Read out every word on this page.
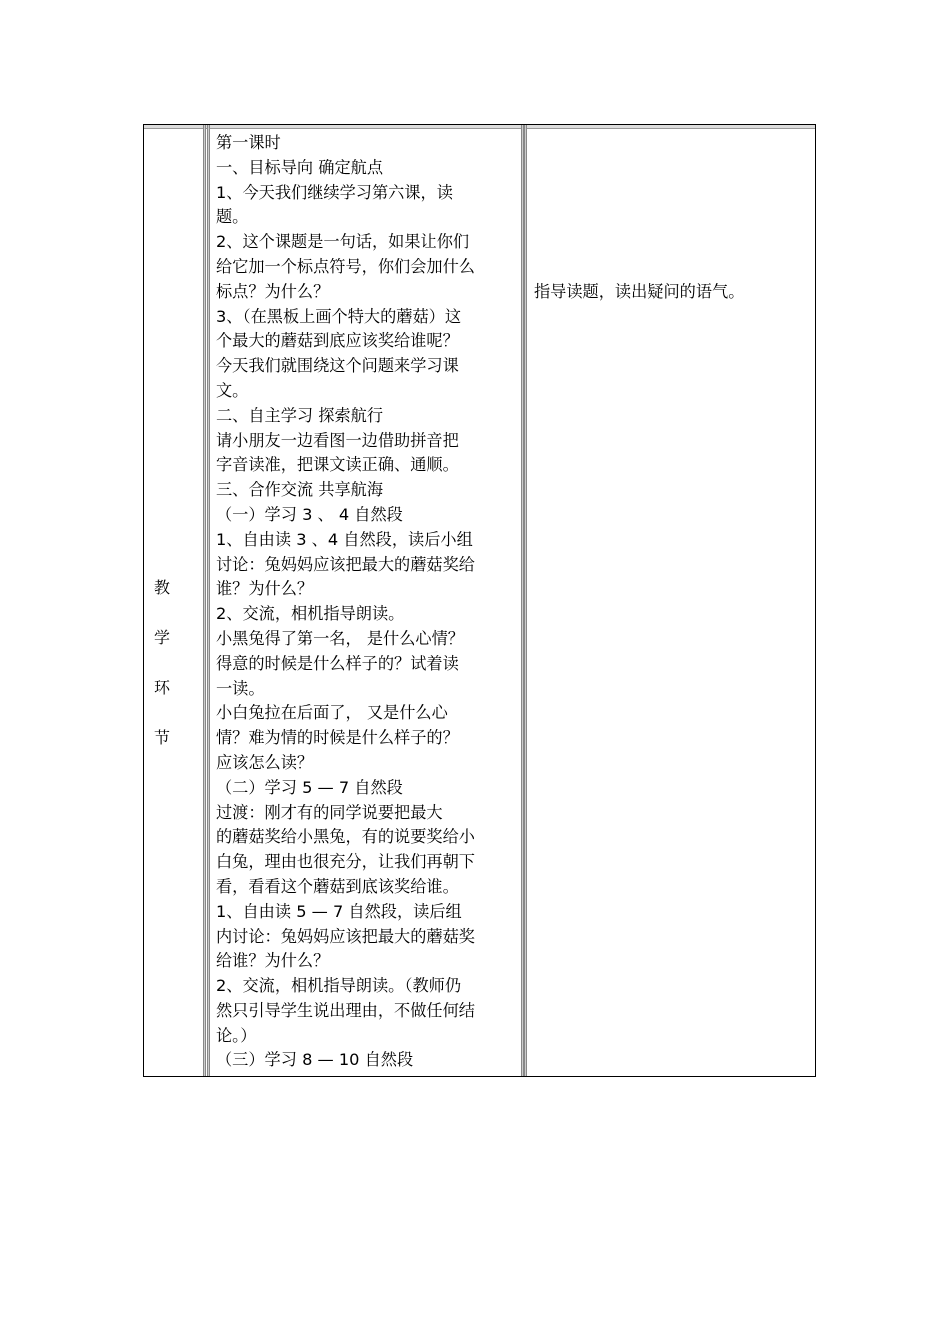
教
学
环
节

第一课时

一、目标导向 确定航点

1、今天我们继续学习第六课，读

题。

2、这个课题是一句话，如果让你们

给它加一个标点符号，你们会加什么

标点？为什么？

3、（在黑板上画个特大的蘑菇）这

个最大的蘑菇到底应该奖给谁呢？

今天我们就围绕这个问题来学习课

文。

二、自主学习 探索航行

请小朋友一边看图一边借助拼音把

字音读准，把课文读正确、通顺。

三、合作交流 共享航海

（一）学习 3 、 4 自然段

1、自由读 3 、4 自然段，读后小组

讨论：兔妈妈应该把最大的蘑菇奖给

谁？为什么？

2、交流，相机指导朗读。

小黑兔得了第一名， 是什么心情？

得意的时候是什么样子的？试着读

一读。

小白兔拉在后面了， 又是什么心

情？难为情的时候是什么样子的？

应该怎么读？

（二）学习 5 — 7 自然段

过渡：刚才有的同学说要把最大

的蘑菇奖给小黑兔，有的说要奖给小

白兔，理由也很充分，让我们再朝下

看，看看这个蘑菇到底该奖给谁。

1、自由读 5 — 7 自然段，读后组

内讨论：兔妈妈应该把最大的蘑菇奖

给谁？为什么？

2、交流，相机指导朗读。（教师仍

然只引导学生说出理由，不做任何结

论。）

（三）学习 8 — 10 自然段

指导读题，读出疑问的语气。
